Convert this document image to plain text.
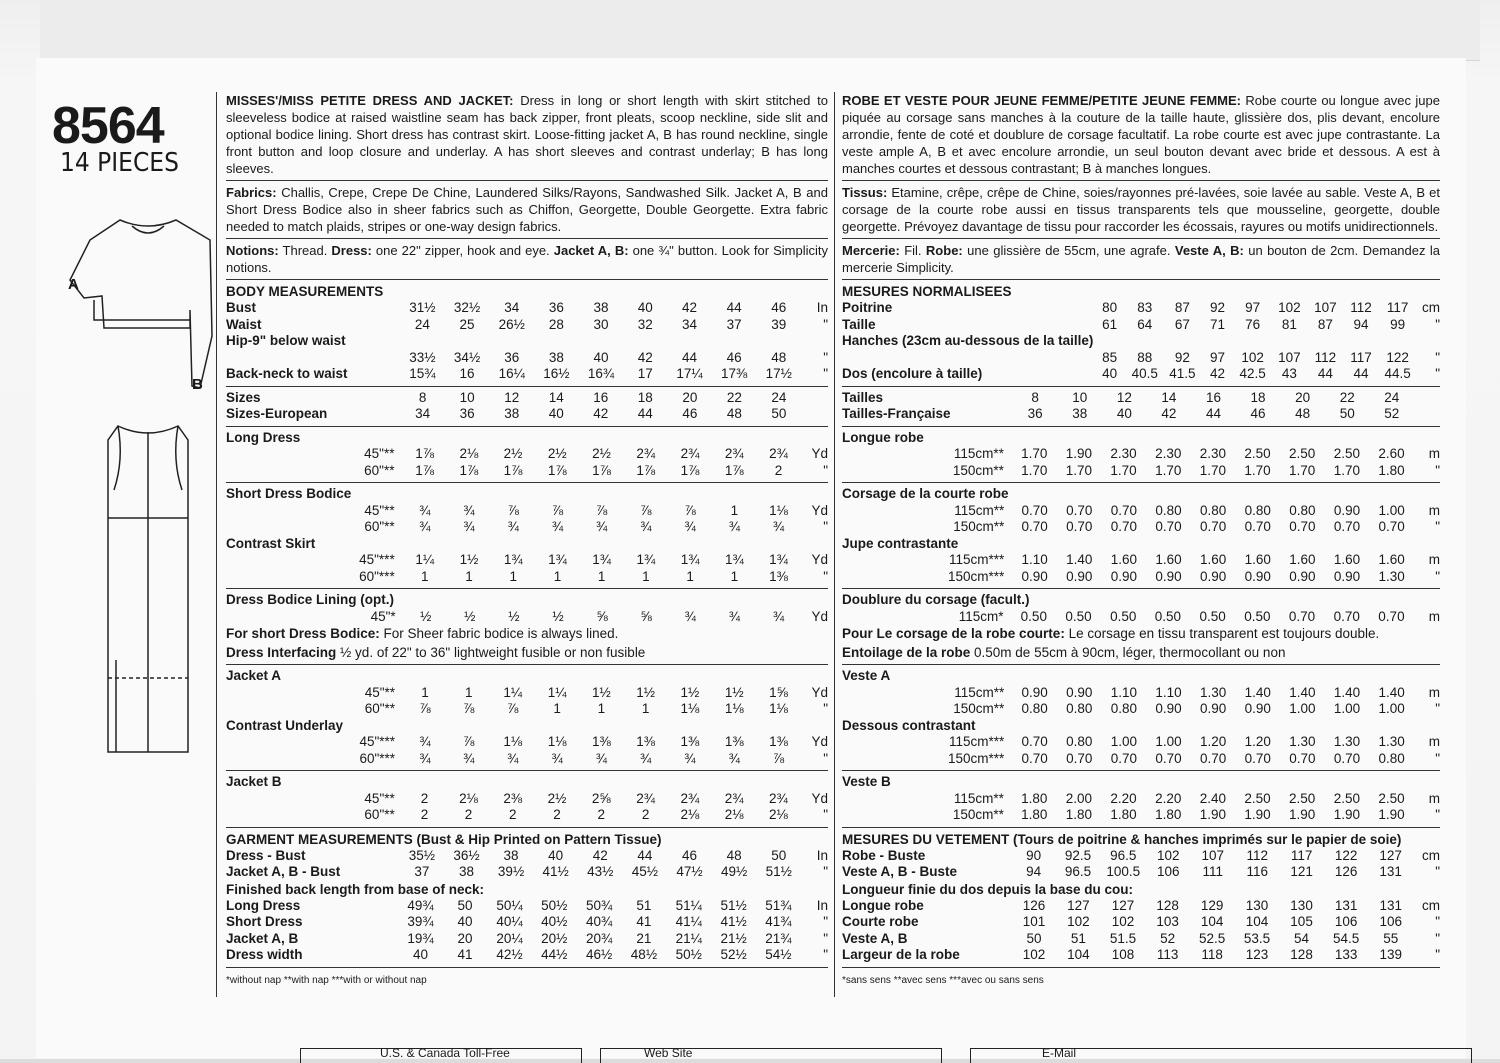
8564
14 PIECES
A
B

MISSES'/MISS PETITE DRESS AND JACKET: Dress in long or short length with skirt stitched to sleeveless bodice at raised waistline seam has back zipper, front pleats, scoop neckline, side slit and optional bodice lining. Short dress has contrast skirt. Loose-fitting jacket A, B has round neckline, single front button and loop closure and underlay. A has short sleeves and contrast underlay; B has long sleeves.

Fabrics: Challis, Crepe, Crepe De Chine, Laundered Silks/Rayons, Sandwashed Silk. Jacket A, B and Short Dress Bodice also in sheer fabrics such as Chiffon, Georgette, Double Georgette. Extra fabric needed to match plaids, stripes or one-way design fabrics.

Notions: Thread. Dress: one 22" zipper, hook and eye. Jacket A, B: one ¾" button. Look for Simplicity notions.

BODY MEASUREMENTS
Bust	31½	32½	34	36	38	40	42	44	46	In
Waist	24	25	26½	28	30	32	34	37	39	"
Hip-9" below waist										
	33½	34½	36	38	40	42	44	46	48	"
Back-neck to waist	15¾	16	16¼	16½	16¾	17	17¼	17⅜	17½	"
Sizes	8	10	12	14	16	18	20	22	24	
Sizes-European	34	36	38	40	42	44	46	48	50	
Long Dress										
45"**	1⅞	2⅛	2½	2½	2½	2¾	2¾	2¾	2¾	Yd
60"**	1⅞	1⅞	1⅞	1⅞	1⅞	1⅞	1⅞	1⅞	2	"
Short Dress Bodice										
45"**	¾	¾	⅞	⅞	⅞	⅞	⅞	1	1⅛	Yd
60"**	¾	¾	¾	¾	¾	¾	¾	¾	¾	"
Contrast Skirt										
45"***	1¼	1½	1¾	1¾	1¾	1¾	1¾	1¾	1¾	Yd
60"***	1	1	1	1	1	1	1	1	1⅜	"
Dress Bodice Lining (opt.)
45"*	½	½	½	½	⅝	⅝	¾	¾	¾	Yd
For short Dress Bodice: For Sheer fabric bodice is always lined.
Dress Interfacing ½ yd. of 22" to 36" lightweight fusible or non fusible
Jacket A										
45"**	1	1	1¼	1¼	1½	1½	1½	1½	1⅝	Yd
60"**	⅞	⅞	⅞	1	1	1	1⅛	1⅛	1⅛	"
Contrast Underlay										
45"***	¾	⅞	1⅛	1⅛	1⅜	1⅜	1⅜	1⅜	1⅜	Yd
60"***	¾	¾	¾	¾	¾	¾	¾	¾	⅞	"
Jacket B										
45"**	2	2⅛	2⅜	2½	2⅝	2¾	2¾	2¾	2¾	Yd
60"**	2	2	2	2	2	2	2⅛	2⅛	2⅛	"
GARMENT MEASUREMENTS (Bust & Hip Printed on Pattern Tissue)
Dress - Bust	35½	36½	38	40	42	44	46	48	50	In
Jacket A, B - Bust	37	38	39½	41½	43½	45½	47½	49½	51½	"
Finished back length from base of neck:
Long Dress	49¾	50	50¼	50½	50¾	51	51¼	51½	51¾	In
Short Dress	39¾	40	40¼	40½	40¾	41	41¼	41½	41¾	"
Jacket A, B	19¾	20	20¼	20½	20¾	21	21¼	21½	21¾	"
Dress width	40	41	42½	44½	46½	48½	50½	52½	54½	"
*without nap **with nap ***with or without nap

ROBE ET VESTE POUR JEUNE FEMME/PETITE JEUNE FEMME: Robe courte ou longue avec jupe piquée au corsage sans manches à la couture de la taille haute, glissière dos, plis devant, encolure arrondie, fente de coté et doublure de corsage facultatif. La robe courte est avec jupe contrastante. La veste ample A, B et avec encolure arrondie, un seul bouton devant avec bride et dessous. A est à manches courtes et dessous contrastant; B à manches longues.

Tissus: Etamine, crêpe, crêpe de Chine, soies/rayonnes pré-lavées, soie lavée au sable. Veste A, B et corsage de la courte robe aussi en tissus transparents tels que mousseline, georgette, double georgette. Prévoyez davantage de tissu pour raccorder les écossais, rayures ou motifs unidirectionnels.

Mercerie: Fil. Robe: une glissière de 55cm, une agrafe. Veste A, B: un bouton de 2cm. Demandez la mercerie Simplicity.

MESURES NORMALISEES
Poitrine	80	83	87	92	97	102	107	112	117	cm
Taille	61	64	67	71	76	81	87	94	99	"
Hanches (23cm au-dessous de la taille)										
	85	88	92	97	102	107	112	117	122	"
Dos (encolure à taille)	40	40.5	41.5	42	42.5	43	44	44	44.5	"
Tailles	8	10	12	14	16	18	20	22	24	
Tailles-Française	36	38	40	42	44	46	48	50	52	
Longue robe										
115cm**	1.70	1.90	2.30	2.30	2.30	2.50	2.50	2.50	2.60	m
150cm**	1.70	1.70	1.70	1.70	1.70	1.70	1.70	1.70	1.80	"
Corsage de la courte robe										
115cm**	0.70	0.70	0.70	0.80	0.80	0.80	0.80	0.90	1.00	m
150cm**	0.70	0.70	0.70	0.70	0.70	0.70	0.70	0.70	0.70	"
Jupe contrastante										
115cm***	1.10	1.40	1.60	1.60	1.60	1.60	1.60	1.60	1.60	m
150cm***	0.90	0.90	0.90	0.90	0.90	0.90	0.90	0.90	1.30	"
Doublure du corsage (facult.)
115cm*	0.50	0.50	0.50	0.50	0.50	0.50	0.70	0.70	0.70	m
Pour Le corsage de la robe courte: Le corsage en tissu transparent est toujours double.
Entoilage de la robe 0.50m de 55cm à 90cm, léger, thermocollant ou non
Veste A										
115cm**	0.90	0.90	1.10	1.10	1.30	1.40	1.40	1.40	1.40	m
150cm**	0.80	0.80	0.80	0.90	0.90	0.90	1.00	1.00	1.00	"
Dessous contrastant										
115cm***	0.70	0.80	1.00	1.00	1.20	1.20	1.30	1.30	1.30	m
150cm***	0.70	0.70	0.70	0.70	0.70	0.70	0.70	0.70	0.80	"
Veste B										
115cm**	1.80	2.00	2.20	2.20	2.40	2.50	2.50	2.50	2.50	m
150cm**	1.80	1.80	1.80	1.80	1.90	1.90	1.90	1.90	1.90	"
MESURES DU VETEMENT (Tours de poitrine & hanches imprimés sur le papier de soie)
Robe - Buste	90	92.5	96.5	102	107	112	117	122	127	cm
Veste A, B - Buste	94	96.5	100.5	106	111	116	121	126	131	"
Longueur finie du dos depuis la base du cou:
Longue robe	126	127	127	128	129	130	130	131	131	cm
Courte robe	101	102	102	103	104	104	105	106	106	"
Veste A, B	50	51	51.5	52	52.5	53.5	54	54.5	55	"
Largeur de la robe	102	104	108	113	118	123	128	133	139	"
*sans sens **avec sens ***avec ou sans sens
U.S. & Canada Toll-Free	Web Site	E-Mail
